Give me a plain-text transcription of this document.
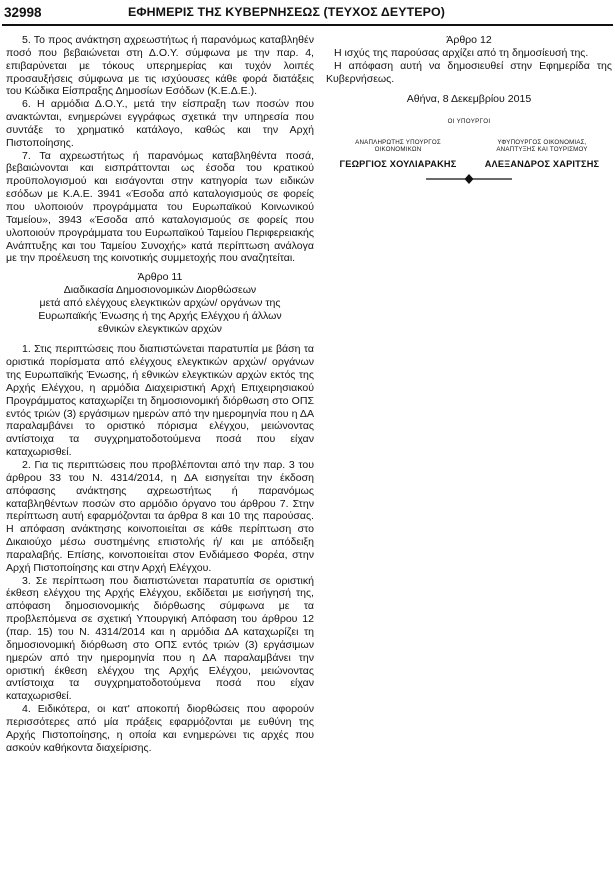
32998	ΕΦΗΜΕΡΙΣ ΤΗΣ ΚΥΒΕΡΝΗΣΕΩΣ (ΤΕΥΧΟΣ ΔΕΥΤΕΡΟ)

5. Το προς ανάκτηση αχρεωστήτως ή παρανόμως καταβληθέν ποσό που βεβαιώνεται στη Δ.Ο.Υ. σύμφωνα με την παρ. 4, επιβαρύνεται με τόκους υπερημερίας και τυχόν λοιπές προσαυξήσεις σύμφωνα με τις ισχύουσες κάθε φορά διατάξεις του Κώδικα Είσπραξης Δημοσίων Εσόδων (Κ.Ε.Δ.Ε.).

6. Η αρμόδια Δ.Ο.Υ., μετά την είσπραξη των ποσών που ανακτώνται, ενημερώνει εγγράφως σχετικά την υπηρεσία που συντάξε το χρηματικό κατάλογο, καθώς και την Αρχή Πιστοποίησης.

7. Τα αχρεωστήτως ή παρανόμως καταβληθέντα ποσά, βεβαιώνονται και εισπράττονται ως έσοδα του κρατικού προϋπολογισμού και εισάγονται στην κατηγορία των ειδικών εσόδων με Κ.Α.Ε. 3941 «Έσοδα από καταλογισμούς σε φορείς που υλοποιούν προγράμματα του Ευρωπαϊκού Κοινωνικού Ταμείου», 3943 «Έσοδα από καταλογισμούς σε φορείς που υλοποιούν προγράμματα του Ευρωπαϊκού Ταμείου Περιφερειακής Ανάπτυξης και του Ταμείου Συνοχής» κατά περίπτωση ανάλογα με την προέλευση της κοινοτικής συμμετοχής που αναζητείται.

Άρθρο 11
Διαδικασία Δημοσιονομικών Διορθώσεων
μετά από ελέγχους ελεγκτικών αρχών/ οργάνων της
Ευρωπαϊκής Ένωσης ή της Αρχής Ελέγχου ή άλλων
εθνικών ελεγκτικών αρχών

1. Στις περιπτώσεις που διαπιστώνεται παρατυπία με βάση τα οριστικά πορίσματα από ελέγχους ελεγκτικών αρχών/ οργάνων της Ευρωπαϊκής Ένωσης, ή εθνικών ελεγκτικών αρχών εκτός της Αρχής Ελέγχου, η αρμόδια Διαχειριστική Αρχή Επιχειρησιακού Προγράμματος καταχωρίζει τη δημοσιονομική διόρθωση στο ΟΠΣ εντός τριών (3) εργάσιμων ημερών από την ημερομηνία που η ΔΑ παραλαμβάνει το οριστικό πόρισμα ελέγχου, μειώνοντας αντίστοιχα τα συγχρηματοδοτούμενα ποσά που είχαν καταχωρισθεί.

2. Για τις περιπτώσεις που προβλέπονται από την παρ. 3 του άρθρου 33 του Ν. 4314/2014, η ΔΑ εισηγείται την έκδοση απόφασης ανάκτησης αχρεωστήτως ή παρανόμως καταβληθέντων ποσών στο αρμόδιο όργανο του άρθρου 7. Στην περίπτωση αυτή εφαρμόζονται τα άρθρα 8 και 10 της παρούσας. Η απόφαση ανάκτησης κοινοποιείται σε κάθε περίπτωση στο Δικαιούχο μέσω συστημένης επιστολής ή/ και με απόδειξη παραλαβής. Επίσης, κοινοποιείται στον Ενδιάμεσο Φορέα, στην Αρχή Πιστοποίησης και στην Αρχή Ελέγχου.

3. Σε περίπτωση που διαπιστώνεται παρατυπία σε οριστική έκθεση ελέγχου της Αρχής Ελέγχου, εκδίδεται με εισήγησή της, απόφαση δημοσιονομικής διόρθωσης σύμφωνα με τα προβλεπόμενα σε σχετική Υπουργική Απόφαση του άρθρου 12 (παρ. 15) του Ν. 4314/2014 και η αρμόδια ΔΑ καταχωρίζει τη δημοσιονομική διόρθωση στο ΟΠΣ εντός τριών (3) εργάσιμων ημερών από την ημερομηνία που η ΔΑ παραλαμβάνει την οριστική έκθεση ελέγχου της Αρχής Ελέγχου, μειώνοντας αντίστοιχα τα συγχρηματοδοτούμενα ποσά που είχαν καταχωρισθεί.

4. Ειδικότερα, οι κατ' αποκοπή διορθώσεις που αφορούν περισσότερες από μία πράξεις εφαρμόζονται με ευθύνη της Αρχής Πιστοποίησης, η οποία και ενημερώνει τις αρχές που ασκούν καθήκοντα διαχείρισης.

Άρθρο 12

Η ισχύς της παρούσας αρχίζει από τη δημοσίευσή της.

Η απόφαση αυτή να δημοσιευθεί στην Εφημερίδα της Κυβερνήσεως.

Αθήνα, 8 Δεκεμβρίου 2015
ΟΙ ΥΠΟΥΡΓΟΙ
ΑΝΑΠΛΗΡΩΤΗΣ ΥΠΟΥΡΓΟΣ
ΟΙΚΟΝΟΜΙΚΩΝ
ΓΕΩΡΓΙΟΣ ΧΟΥΛΙΑΡΑΚΗΣ
ΥΦΥΠΟΥΡΓΟΣ ΟΙΚΟΝΟΜΙΑΣ,
ΑΝΑΠΤΥΞΗΣ ΚΑΙ ΤΟΥΡΙΣΜΟΥ
ΑΛΕΞΑΝΔΡΟΣ ΧΑΡΙΤΣΗΣ
